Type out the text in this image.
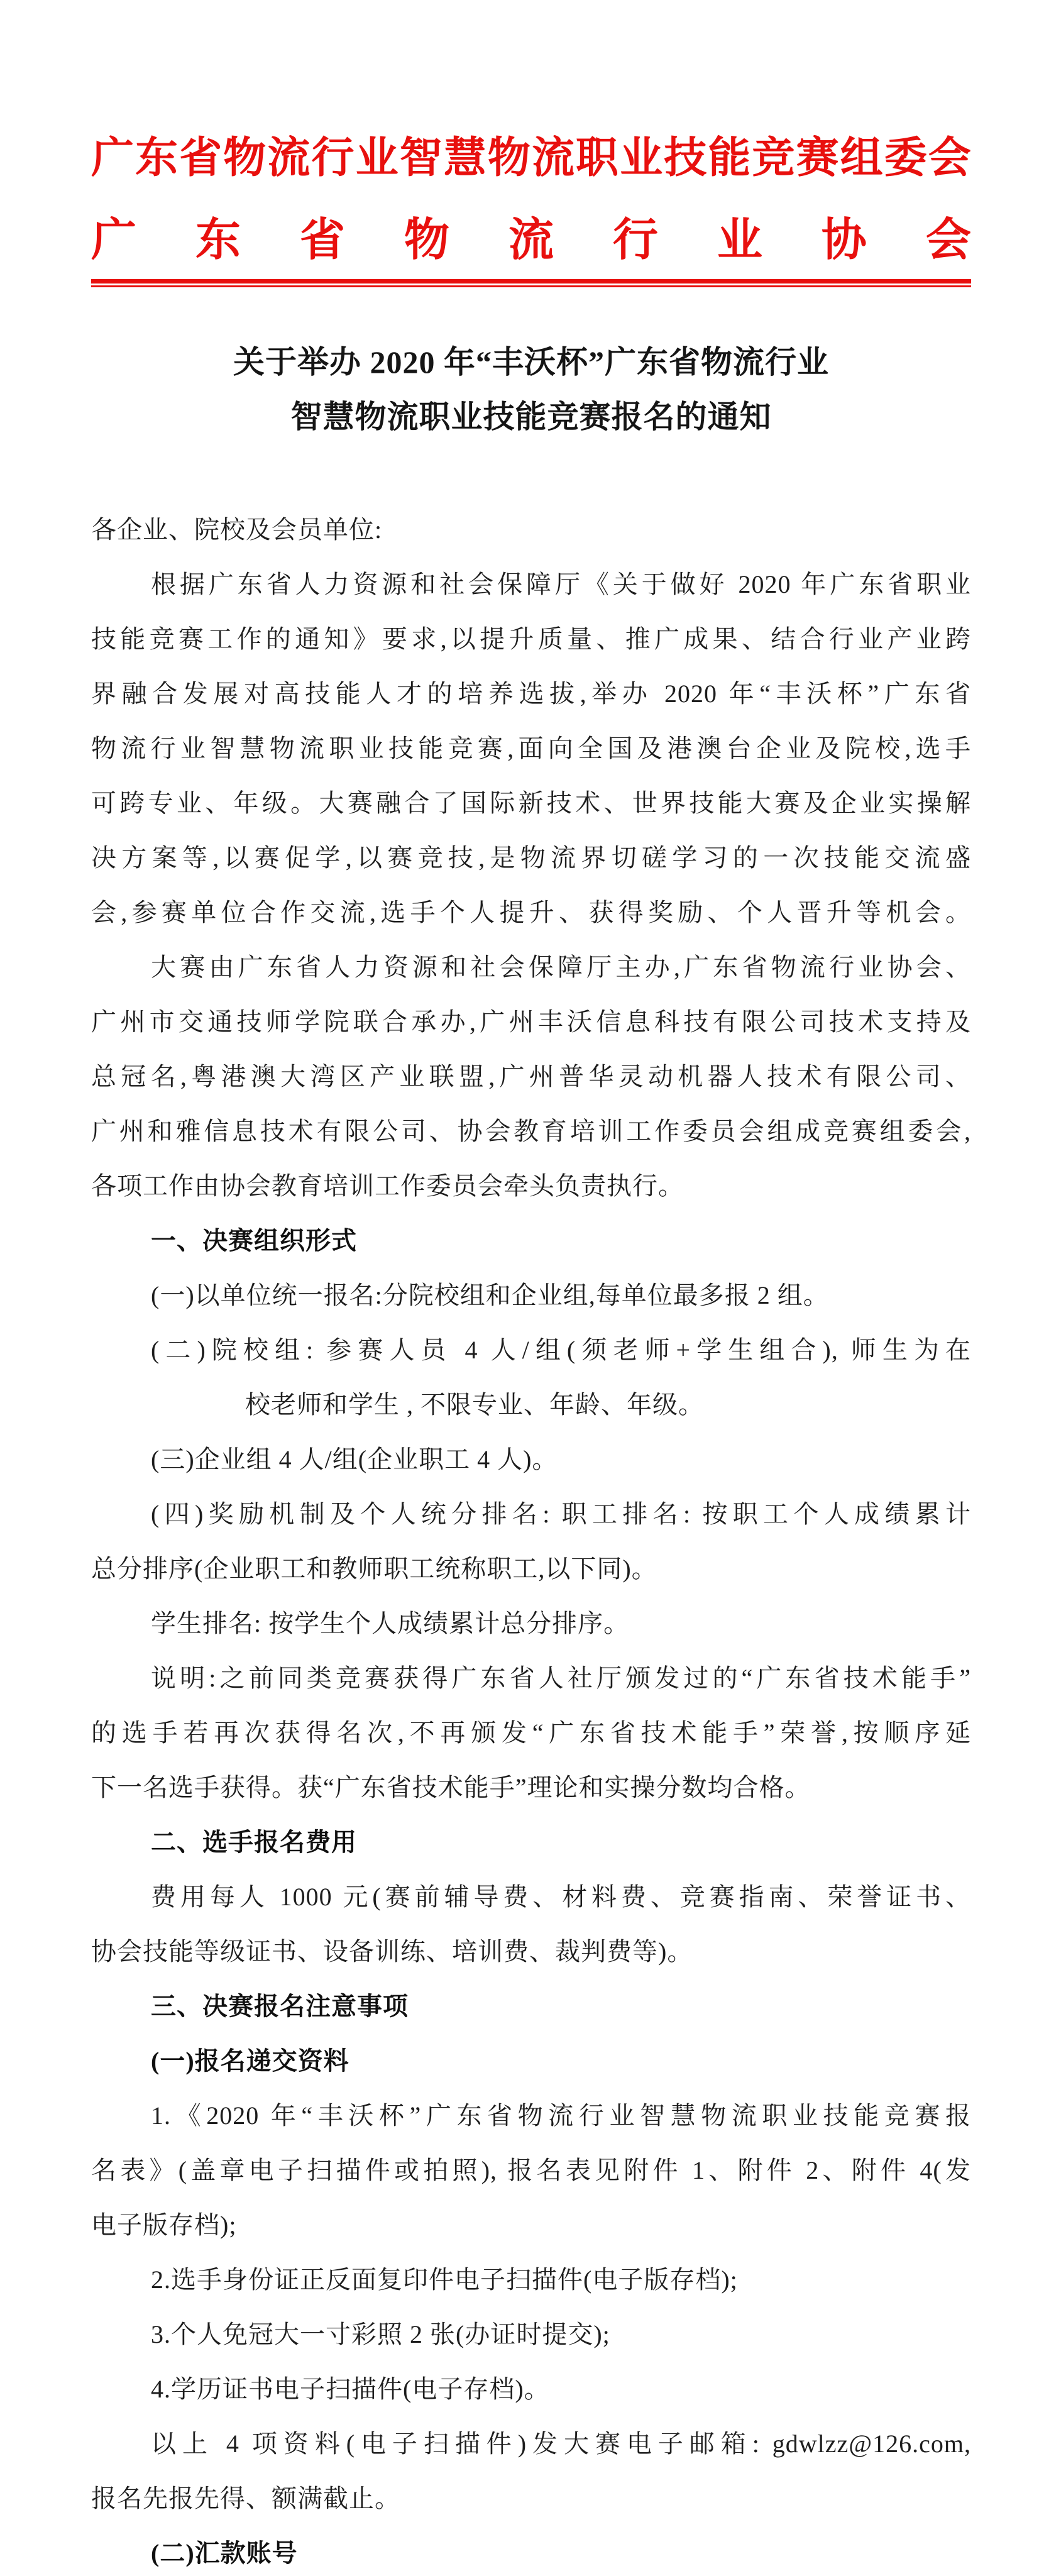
广 东 省 物 流 行 业 智 慧 物 流 职 业 技 能 竞 赛 组 委 会
广 东 省 物 流 行 业 协 会
关于举办 2020 年“丰沃杯”广东省物流行业
智慧物流职业技能竞赛报名的通知
各企业、院校及会员单位:
根据广东省人力资源和社会保障厅《关于做好 2020 年广东省职业
技能竞赛工作的通知》要求,以提升质量、推广成果、结合行业产业跨
界融合发展对高技能人才的培养选拔,举办 2020 年“丰沃杯”广东省
物流行业智慧物流职业技能竞赛,面向全国及港澳台企业及院校,选手
可跨专业、年级。大赛融合了国际新技术、世界技能大赛及企业实操解
决方案等,以赛促学,以赛竞技,是物流界切磋学习的一次技能交流盛
会,参赛单位合作交流,选手个人提升、获得奖励、个人晋升等机会。
大赛由广东省人力资源和社会保障厅主办,广东省物流行业协会、
广州市交通技师学院联合承办,广州丰沃信息科技有限公司技术支持及
总冠名,粤港澳大湾区产业联盟,广州普华灵动机器人技术有限公司、
广州和雅信息技术有限公司、协会教育培训工作委员会组成竞赛组委会,
各项工作由协会教育培训工作委员会牵头负责执行。
一、决赛组织形式
(一)以单位统一报名:分院校组和企业组,每单位最多报 2 组。
(二)院校组: 参赛人员 4 人/组(须老师+学生组合), 师生为在
校老师和学生 , 不限专业、年龄、年级。
(三)企业组 4 人/组(企业职工 4 人)。
(四)奖励机制及个人统分排名: 职工排名: 按职工个人成绩累计
总分排序(企业职工和教师职工统称职工,以下同)。
学生排名: 按学生个人成绩累计总分排序。
说明:之前同类竞赛获得广东省人社厅颁发过的“广东省技术能手”
的选手若再次获得名次,不再颁发“广东省技术能手”荣誉,按顺序延
下一名选手获得。获“广东省技术能手”理论和实操分数均合格。
二、选手报名费用
费用每人 1000 元(赛前辅导费、材料费、竞赛指南、荣誉证书、
协会技能等级证书、设备训练、培训费、裁判费等)。
三、决赛报名注意事项
(一)报名递交资料
1.《2020 年“丰沃杯”广东省物流行业智慧物流职业技能竞赛报
名表》(盖章电子扫描件或拍照), 报名表见附件 1、附件 2、附件 4(发
电子版存档);
2.选手身份证正反面复印件电子扫描件(电子版存档);
3.个人免冠大一寸彩照 2 张(办证时提交);
4.学历证书电子扫描件(电子存档)。
以上 4 项资料(电子扫描件)发大赛电子邮箱: gdwlzz@126.com,
报名先报先得、额满截止。
(二)汇款账号
